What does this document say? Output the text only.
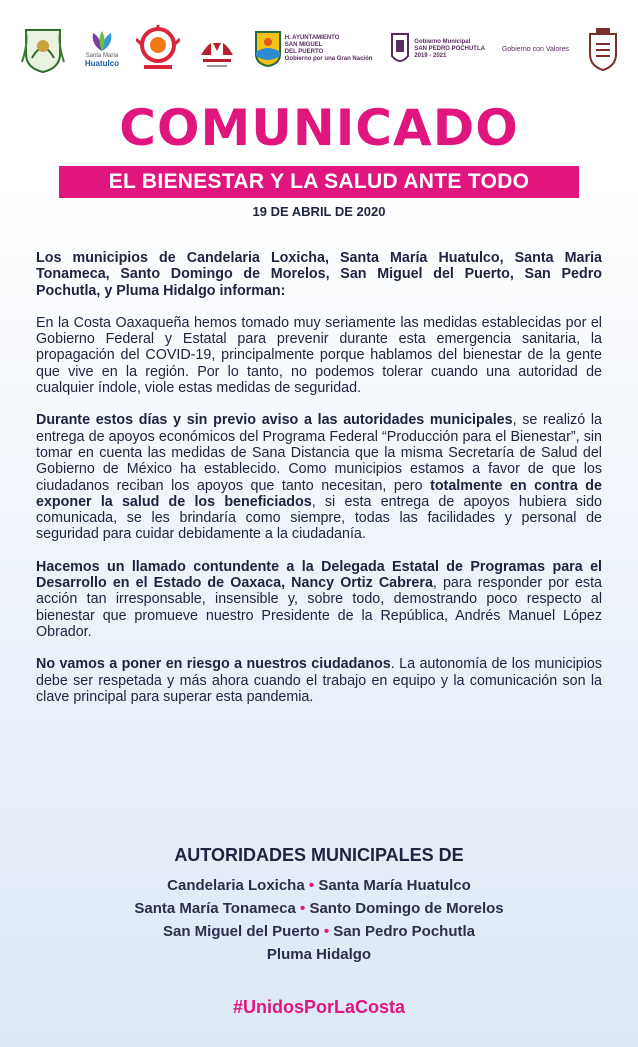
Santa María
Huatulco
H. AYUNTAMIENTO
SAN MIGUEL
DEL PUERTO
Gobierno por una Gran Nación
Gobierno Municipal
SAN PEDRO POCHUTLA
2019 - 2021
Gobierno con Valores
COMUNICADO
EL BIENESTAR Y LA SALUD ANTE TODO
19 DE ABRIL DE 2020

Los municipios de Candelaria Loxicha, Santa María Huatulco, Santa Maria Tonameca, Santo Domingo de Morelos, San Miguel del Puerto, San Pedro Pochutla, y Pluma Hidalgo informan:

En la Costa Oaxaqueña hemos tomado muy seriamente las medidas establecidas por el Gobierno Federal y Estatal para prevenir durante esta emergencia sanitaria, la propagación del COVID-19, principalmente porque hablamos del bienestar de la gente que vive en la región. Por lo tanto, no podemos tolerar cuando una autoridad de cualquier índole, viole estas medidas de seguridad.

Durante estos días y sin previo aviso a las autoridades municipales, se realizó la entrega de apoyos económicos del Programa Federal “Producción para el Bienestar”, sin tomar en cuenta las medidas de Sana Distancia que la misma Secretaría de Salud del Gobierno de México ha establecido. Como municipios estamos a favor de que los ciudadanos reciban los apoyos que tanto necesitan, pero totalmente en contra de exponer la salud de los beneficiados, si esta entrega de apoyos hubiera sido comunicada, se les brindaría como siempre, todas las facilidades y personal de seguridad para cuidar debidamente a la ciudadanía.

Hacemos un llamado contundente a la Delegada Estatal de Programas para el Desarrollo en el Estado de Oaxaca, Nancy Ortiz Cabrera, para responder por esta acción tan irresponsable, insensible y, sobre todo, demostrando poco respecto al bienestar que promueve nuestro Presidente de la República, Andrés Manuel López Obrador.

No vamos a poner en riesgo a nuestros ciudadanos. La autonomía de los municipios debe ser respetada y más ahora cuando el trabajo en equipo y la comunicación son la clave principal para superar esta pandemia.

AUTORIDADES MUNICIPALES DE
Candelaria Loxicha • Santa María Huatulco
Santa María Tonameca • Santo Domingo de Morelos
San Miguel del Puerto • San Pedro Pochutla
Pluma Hidalgo
#UnidosPorLaCosta
